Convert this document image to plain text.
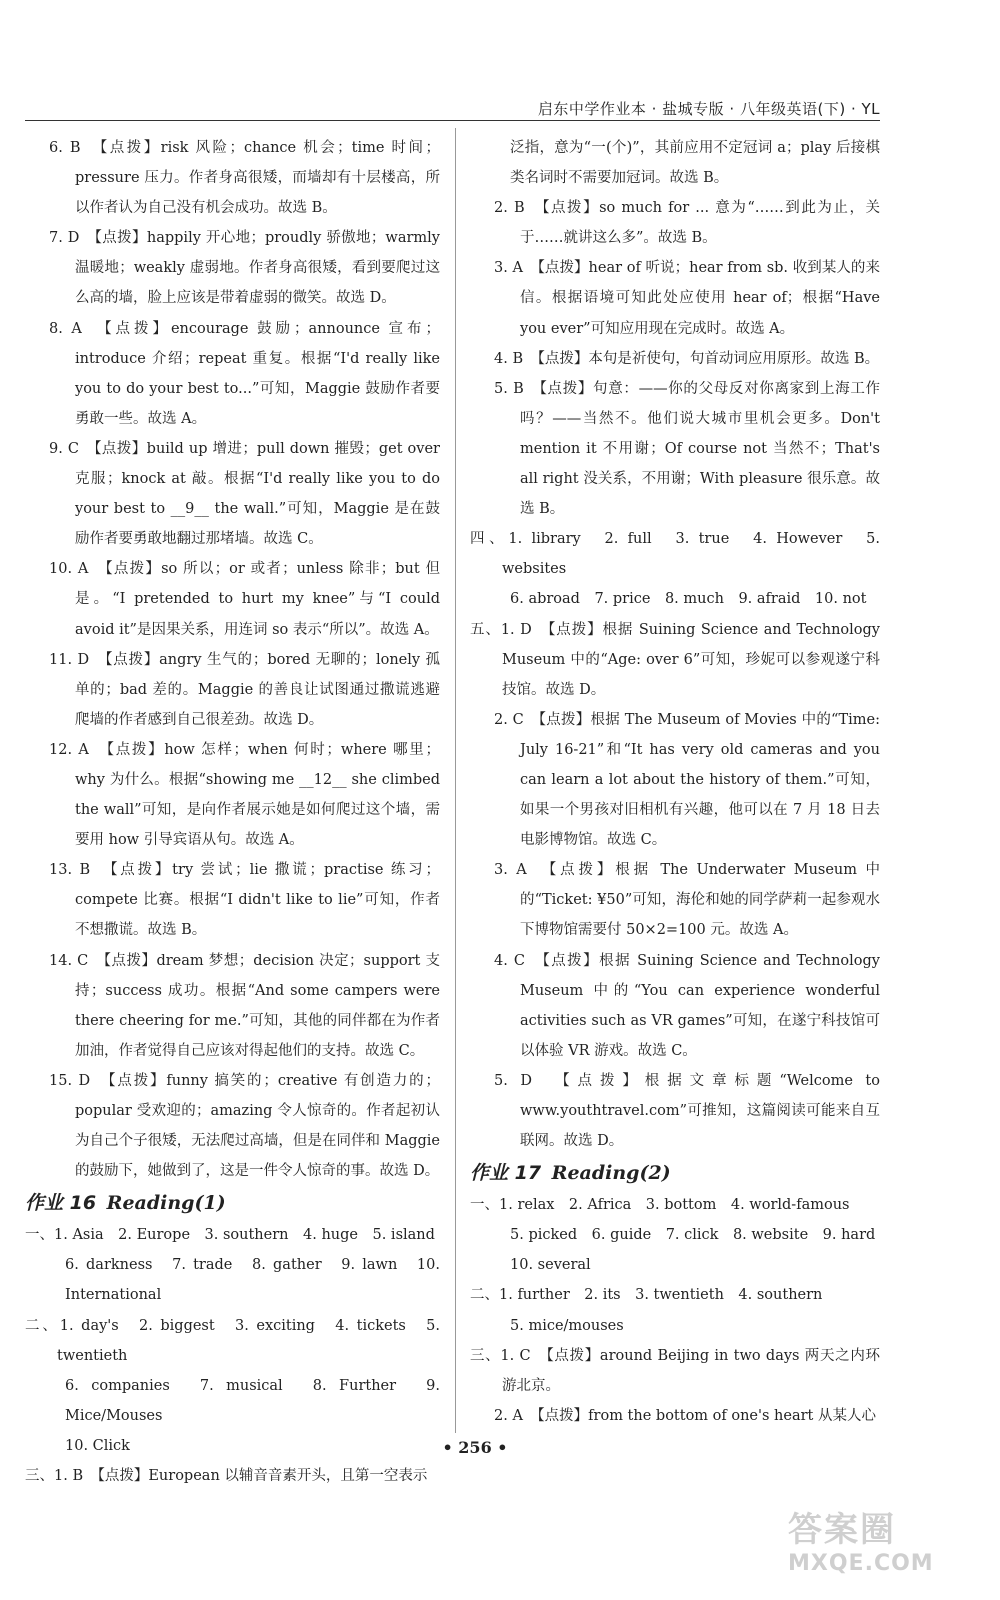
启东中学作业本 · 盐城专版 · 八年级英语(下) · YL
6. B　【点拨】risk 风险；chance 机会；time 时间；pressure 压力。作者身高很矮，而墙却有十层楼高，所以作者认为自己没有机会成功。故选 B。
7. D　【点拨】happily 开心地；proudly 骄傲地；warmly 温暖地；weakly 虚弱地。作者身高很矮，看到要爬过这么高的墙，脸上应该是带着虚弱的微笑。故选 D。
8. A　【点拨】encourage 鼓励；announce 宣布；introduce 介绍；repeat 重复。根据“I'd really like you to do your best to...”可知，Maggie 鼓励作者要勇敢一些。故选 A。
9. C　【点拨】build up 增进；pull down 摧毁；get over 克服；knock at 敲。根据“I'd really like you to do your best to __9__ the wall.”可知，Maggie 是在鼓励作者要勇敢地翻过那堵墙。故选 C。
10. A　【点拨】so 所以；or 或者；unless 除非；but 但是。“I pretended to hurt my knee”与“I could avoid it”是因果关系，用连词 so 表示“所以”。故选 A。
11. D　【点拨】angry 生气的；bored 无聊的；lonely 孤单的；bad 差的。Maggie 的善良让试图通过撒谎逃避爬墙的作者感到自己很差劲。故选 D。
12. A　【点拨】how 怎样；when 何时；where 哪里；why 为什么。根据“showing me __12__ she climbed the wall”可知，是向作者展示她是如何爬过这个墙，需要用 how 引导宾语从句。故选 A。
13. B　【点拨】try 尝试；lie 撒谎；practise 练习；compete 比赛。根据“I didn't like to lie”可知，作者不想撒谎。故选 B。
14. C　【点拨】dream 梦想；decision 决定；support 支持；success 成功。根据“And some campers were there cheering for me.”可知，其他的同伴都在为作者加油，作者觉得自己应该对得起他们的支持。故选 C。
15. D　【点拨】funny 搞笑的；creative 有创造力的；popular 受欢迎的；amazing 令人惊奇的。作者起初认为自己个子很矮，无法爬过高墙，但是在同伴和 Maggie 的鼓励下，她做到了，这是一件令人惊奇的事。故选 D。
作业 16 Reading(1)
一、1. Asia　2. Europe　3. southern　4. huge　5. island
6. darkness　7. trade　8. gather　9. lawn　10. International
二、1. day's　2. biggest　3. exciting　4. tickets　5. twentieth
6. companies　7. musical　8. Further　9. Mice/Mouses
10. Click
三、1. B　【点拨】European 以辅音音素开头，且第一空表示
泛指，意为“一(个)”，其前应用不定冠词 a；play 后接棋类名词时不需要加冠词。故选 B。
2. B　【点拨】so much for ... 意为“……到此为止，关于……就讲这么多”。故选 B。
3. A　【点拨】hear of 听说；hear from sb. 收到某人的来信。根据语境可知此处应使用 hear of；根据“Have you ever”可知应用现在完成时。故选 A。
4. B　【点拨】本句是祈使句，句首动词应用原形。故选 B。
5. B　【点拨】句意：——你的父母反对你离家到上海工作吗？——当然不。他们说大城市里机会更多。Don't mention it 不用谢；Of course not 当然不；That's all right 没关系，不用谢；With pleasure 很乐意。故选 B。
四、1. library　2. full　3. true　4. However　5. websites
6. abroad　7. price　8. much　9. afraid　10. not
五、1. D　【点拨】根据 Suining Science and Technology Museum 中的“Age: over 6”可知，珍妮可以参观遂宁科技馆。故选 D。
2. C　【点拨】根据 The Museum of Movies 中的“Time: July 16-21”和“It has very old cameras and you can learn a lot about the history of them.”可知，如果一个男孩对旧相机有兴趣，他可以在 7 月 18 日去电影博物馆。故选 C。
3. A　【点拨】根据 The Underwater Museum 中的“Ticket: ¥50”可知，海伦和她的同学萨莉一起参观水下博物馆需要付 50×2=100 元。故选 A。
4. C　【点拨】根据 Suining Science and Technology Museum 中的“You can experience wonderful activities such as VR games”可知，在遂宁科技馆可以体验 VR 游戏。故选 C。
5. D　【点拨】根据文章标题“Welcome to www.youthtravel.com”可推知，这篇阅读可能来自互联网。故选 D。
作业 17 Reading(2)
一、1. relax　2. Africa　3. bottom　4. world-famous
5. picked　6. guide　7. click　8. website　9. hard
10. several
二、1. further　2. its　3. twentieth　4. southern
5. mice/mouses
三、1. C　【点拨】around Beijing in two days 两天之内环游北京。
2. A　【点拨】from the bottom of one's heart 从某人心
• 256 •
答案圈
MXQE.COM
